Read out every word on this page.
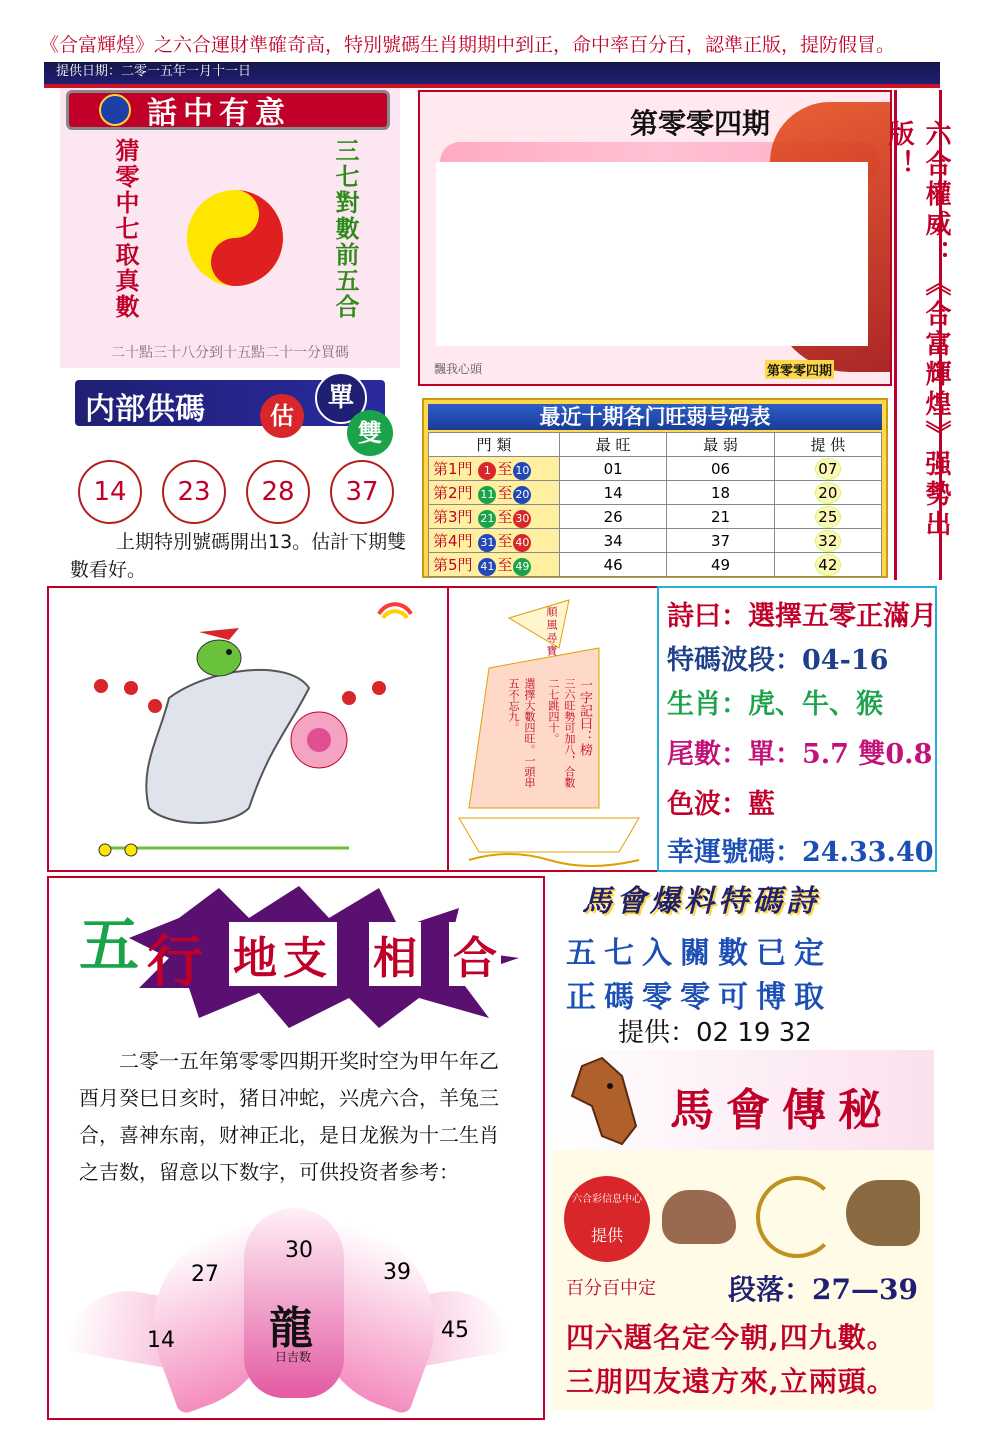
《合富輝煌》之六合運財準確奇高，特別號碼生肖期期中到正，命中率百分百，認準正版，提防假冒。
提供日期：二零一五年一月十一日
話中有意
猜零中七取真數	三七對數前五合
二十點三十八分到十五點二十一分買碼
内部供碼	估
單
雙
14	23	28	37
上期特別號碼開出13。估計下期雙數看好。
第零零四期
飄我心頭	第零零四期	六合權威：《合富輝煌》强勢出版！
最近十期各门旺弱号码表
門 類	最 旺	最 弱	提 供
第1門 1 至 10	01	06	07
第2門 11 至 20	14	18	20
第3門 21 至 30	26	21	25
第4門 31 至 40	34	37	32
第5門 41 至 49	46	49	42
順風尋寶
一字記曰：榜
三六旺勢可加八，合數二七跳四十。
選擇大數四旺。一頭串五不忘九。
詩曰：選擇五零正滿月
特碼波段：04-16
生肖：虎、牛、猴
尾數：單：5.7 雙0.8
色波：藍
幸運號碼：24.33.40
五 行 地支 相 合
二零一五年第零零四期开奖时空为甲午年乙酉月癸巳日亥时，猪日冲蛇，兴虎六合，羊兔三合，喜神东南，财神正北，是日龙猴为十二生肖之吉数，留意以下数字，可供投资者参考：
龍
日吉数
14
27
30
39
45
馬會爆料特碼詩
五七入關數已定
正碼零零可博取
提供：02 19 32
馬會傳秘
六合彩信息中心
提供
百分百中定	段落：27—39
四六題名定今朝,四九數。
三朋四友遠方來,立兩頭。
